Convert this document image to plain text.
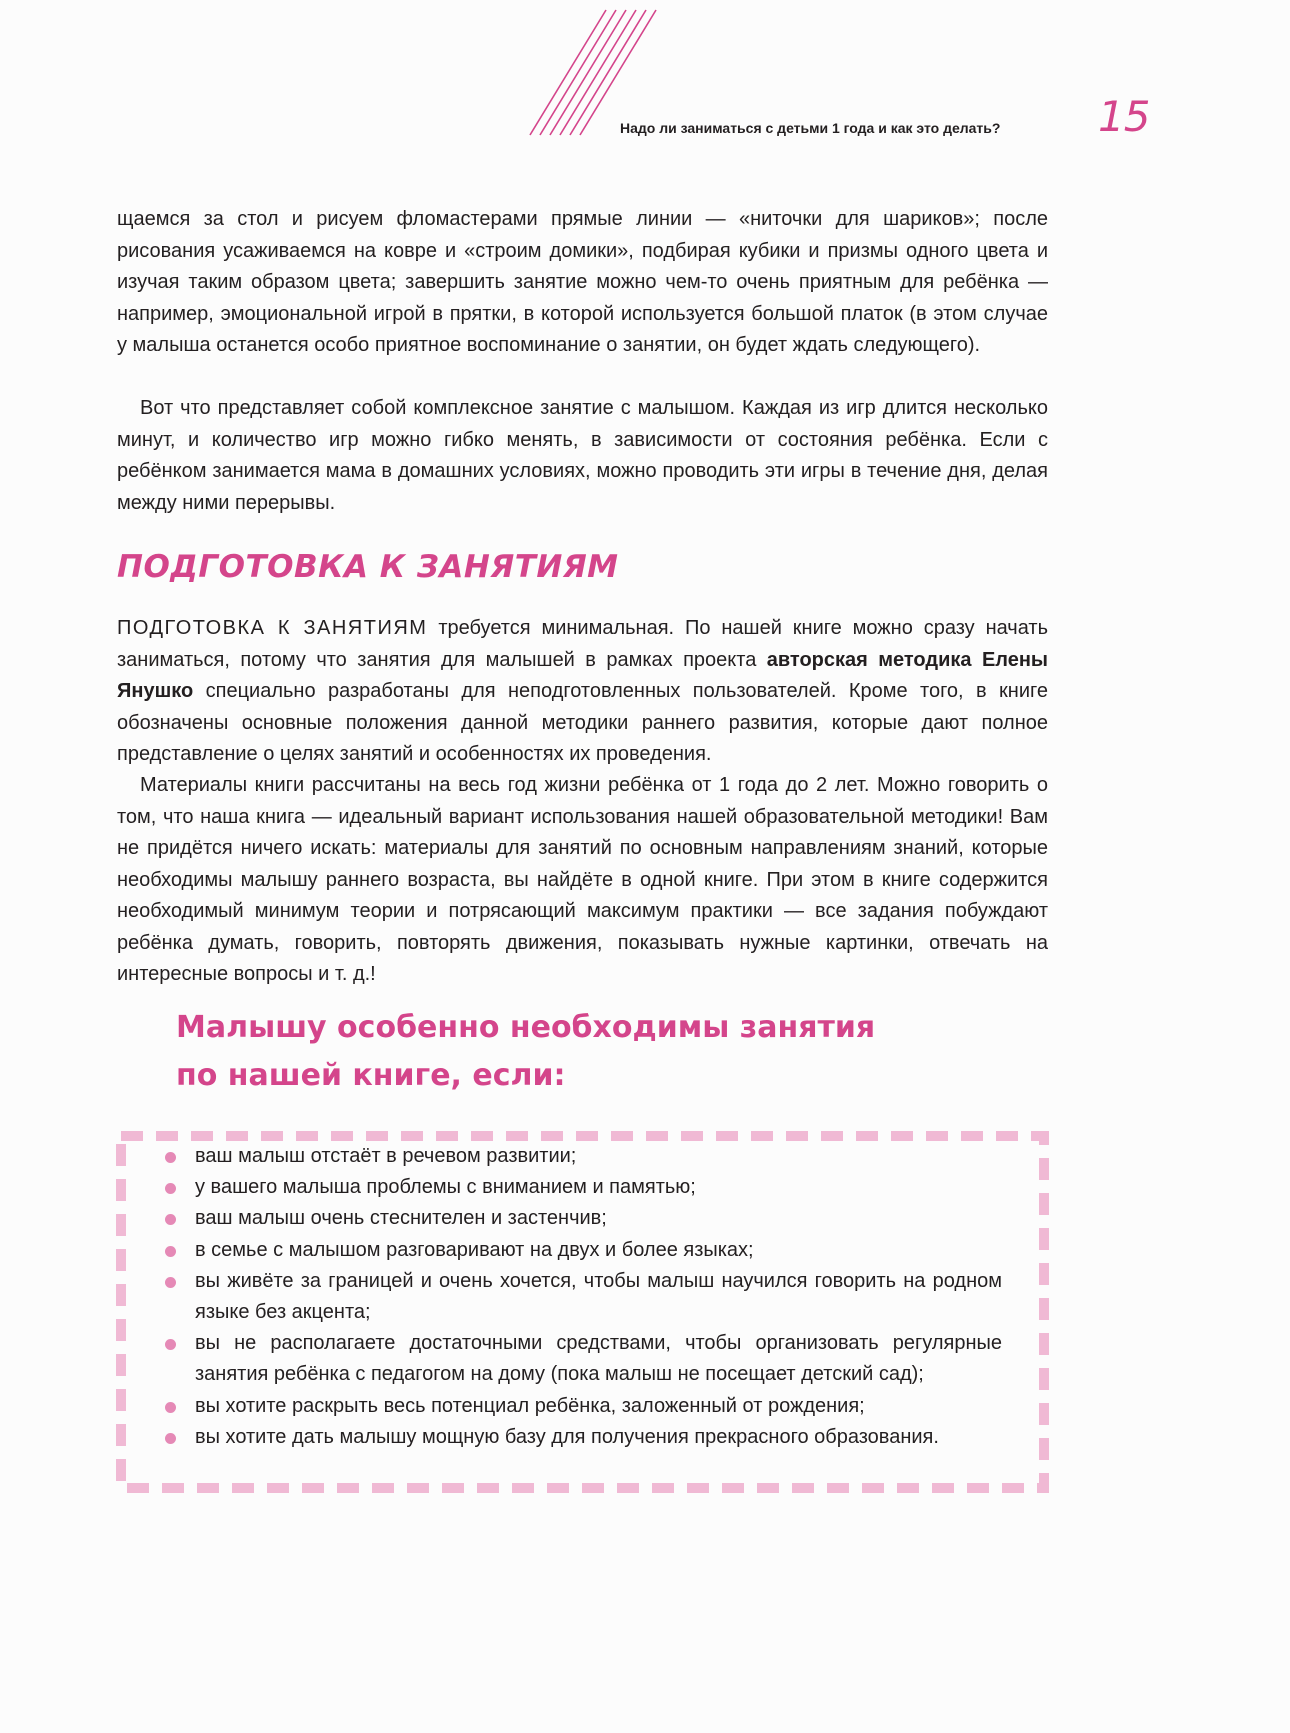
Надо ли заниматься с детьми 1 года и как это делать?	15

щаемся за стол и рисуем фломастерами прямые линии — «ниточки для шариков»; после рисования усаживаемся на ковре и «строим домики», подбирая кубики и призмы одного цвета и изучая таким образом цвета; завершить занятие можно чем-то очень приятным для ребёнка — например, эмоциональной игрой в прятки, в которой используется большой платок (в этом случае у малыша останется особо приятное воспоминание о занятии, он будет ждать следующего).

Вот что представляет собой комплексное занятие с малышом. Каждая из игр длится несколько минут, и количество игр можно гибко менять, в зависимости от состояния ребёнка. Если с ребёнком занимается мама в домашних условиях, можно проводить эти игры в течение дня, делая между ними перерывы.

ПОДГОТОВКА К ЗАНЯТИЯМ

ПОДГОТОВКА К ЗАНЯТИЯМ требуется минимальная. По нашей книге можно сразу начать заниматься, потому что занятия для малышей в рамках проекта авторская методика Елены Янушко специально разработаны для неподготовленных пользователей. Кроме того, в книге обозначены основные положения данной методики раннего развития, которые дают полное представление о целях занятий и особенностях их проведения.

Материалы книги рассчитаны на весь год жизни ребёнка от 1 года до 2 лет. Можно говорить о том, что наша книга — идеальный вариант использования нашей образовательной методики! Вам не придётся ничего искать: материалы для занятий по основным направлениям знаний, которые необходимы малышу раннего возраста, вы найдёте в одной книге. При этом в книге содержится необходимый минимум теории и потрясающий максимум практики — все задания побуждают ребёнка думать, говорить, повторять движения, показывать нужные картинки, отвечать на интересные вопросы и т. д.!

Малышу особенно необходимы занятия
по нашей книге, если:
ваш малыш отстаёт в речевом развитии;
у вашего малыша проблемы с вниманием и памятью;
ваш малыш очень стеснителен и застенчив;
в семье с малышом разговаривают на двух и более языках;
вы живёте за границей и очень хочется, чтобы малыш научился говорить на родном языке без акцента;
вы не располагаете достаточными средствами, чтобы организовать регулярные занятия ребёнка с педагогом на дому (пока малыш не посещает детский сад);
вы хотите раскрыть весь потенциал ребёнка, заложенный от рождения;
вы хотите дать малышу мощную базу для получения прекрасного образования.
